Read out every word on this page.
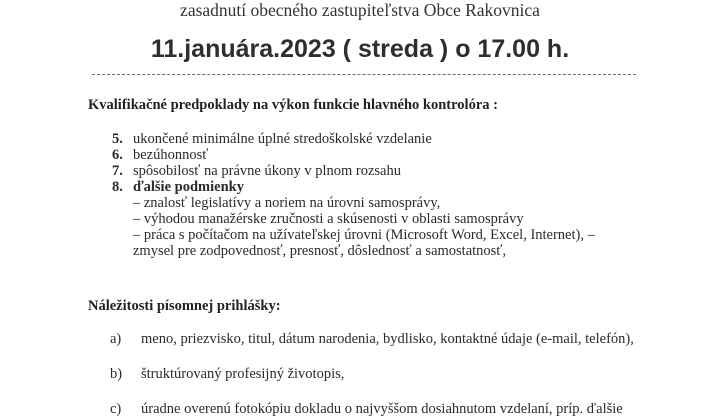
zasadnutí obecného zastupiteľstva Obce Rakovnica
11.januára.2023 ( streda ) o 17.00 h.
Kvalifikačné predpoklady na výkon funkcie hlavného kontrolóra :
5. ukončené minimálne úplné stredoškolské vzdelanie
6. bezúhonnosť
7. spôsobilosť na právne úkony v plnom rozsahu
8. ďalšie podmienky
– znalosť legislatívy a noriem na úrovni samosprávy,
– výhodou manažérske zručnosti a skúsenosti v oblasti samosprávy
– práca s počítačom na užívateľskej úrovni (Microsoft Word, Excel, Internet), –
zmysel pre zodpovednosť, presnosť, dôslednosť a samostatnosť,
Náležitosti písomnej prihlášky:
a) meno, priezvisko, titul, dátum narodenia, bydlisko, kontaktné údaje (e-mail, telefón),
b) štruktúrovaný profesijný životopis,
c) úradne overenú fotokópiu dokladu o najvyššom dosiahnutom vzdelaní, príp. ďalšie
